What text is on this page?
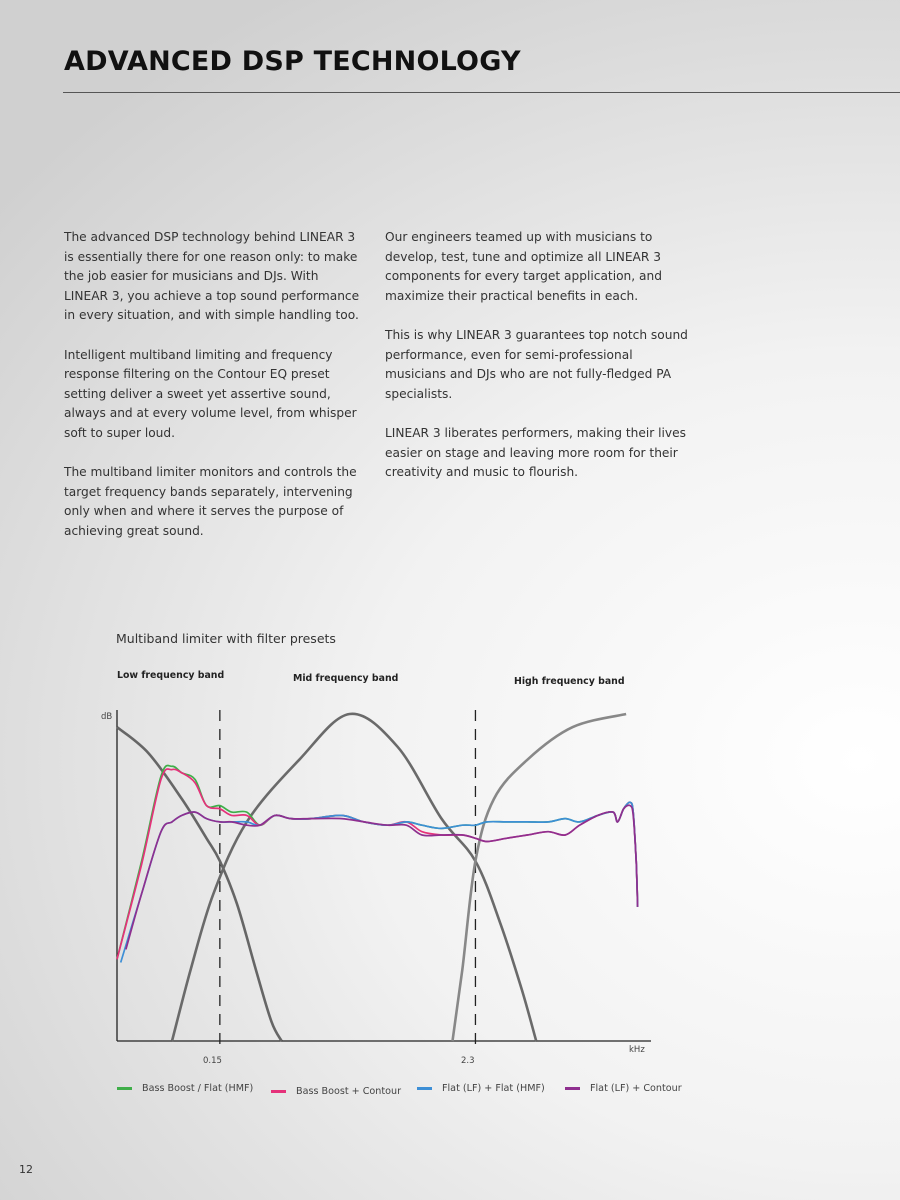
ADVANCED DSP TECHNOLOGY

The advanced DSP technology behind LINEAR 3 is essentially there for one reason only: to make the job easier for musicians and DJs. With LINEAR 3, you achieve a top sound performance in every situation, and with simple handling too.

Intelligent multiband limiting and frequency response filtering on the Contour EQ preset setting deliver a sweet yet assertive sound, always and at every volume level, from whisper soft to super loud.

The multiband limiter monitors and controls the target frequency bands separately, intervening only when and where it serves the purpose of achieving great sound.

Our engineers teamed up with musicians to develop, test, tune and optimize all LINEAR 3 components for every target application, and maximize their practical benefits in each.

This is why LINEAR 3 guarantees top notch sound performance, even for semi-professional musicians and DJs who are not fully-fledged PA specialists.

LINEAR 3 liberates performers, making their lives easier on stage and leaving more room for their creativity and music to flourish.

Multiband limiter with filter presets

Low frequency band	Mid frequency band	High frequency band
dB
kHz
0.15	2.3
Bass Boost / Flat (HMF)	Bass Boost + Contour	Flat (LF) + Flat (HMF)	Flat (LF) + Contour
12
